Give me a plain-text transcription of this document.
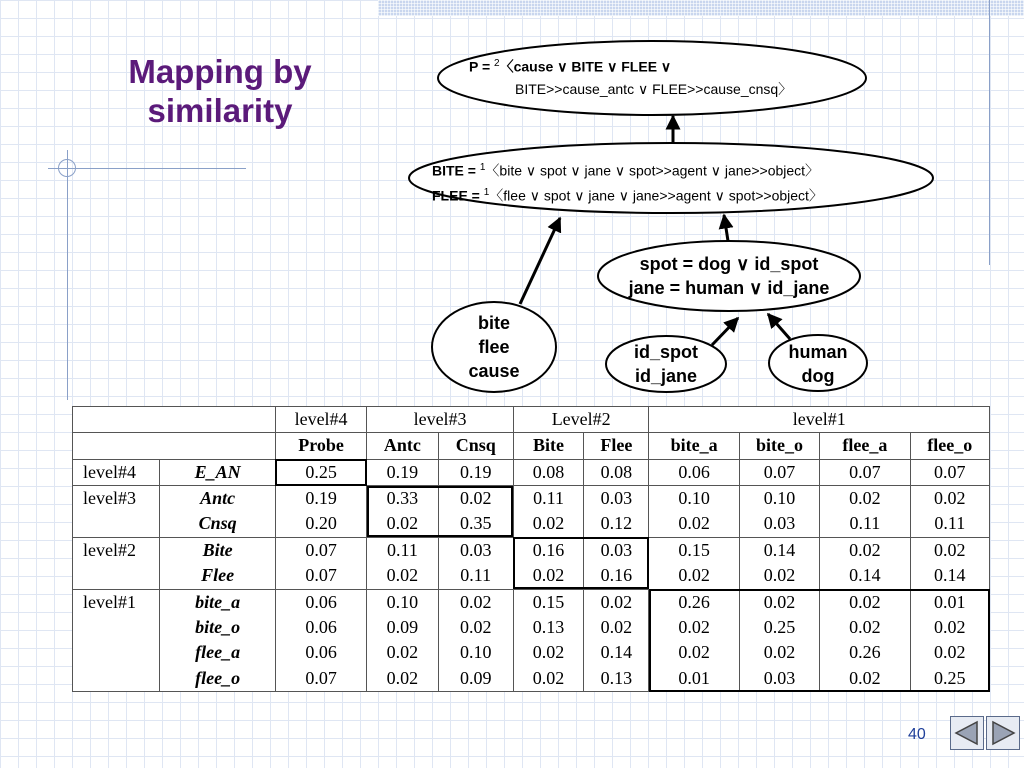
Mapping by
similarity
P = $^2$〈cause ∨ BITE ∨ FLEE ∨
BITE>>cause_antc ∨ FLEE>>cause_cnsq〉
BITE = $^1$〈bite ∨ spot ∨ jane ∨ spot>>agent ∨ jane>>object〉
FLEE = $^1$〈flee ∨ spot ∨ jane ∨ jane>>agent ∨ spot>>object〉
spot = dog ∨ id_spot
jane = human ∨ id_jane
bite
flee
cause
id_spot
id_jane
human
dog
		level#4	level#3		Level#2		level#1			
		Probe	Antc	Cnsq	Bite	Flee	bite_a	bite_o	flee_a	flee_o
level#4	E_AN	0.25	0.19	0.19	0.08	0.08	0.06	0.07	0.07	0.07
level#3	Antc	0.19	0.33	0.02	0.11	0.03	0.10	0.10	0.02	0.02
	Cnsq	0.20	0.02	0.35	0.02	0.12	0.02	0.03	0.11	0.11
level#2	Bite	0.07	0.11	0.03	0.16	0.03	0.15	0.14	0.02	0.02
	Flee	0.07	0.02	0.11	0.02	0.16	0.02	0.02	0.14	0.14
level#1	bite_a	0.06	0.10	0.02	0.15	0.02	0.26	0.02	0.02	0.01
	bite_o	0.06	0.09	0.02	0.13	0.02	0.02	0.25	0.02	0.02
	flee_a	0.06	0.02	0.10	0.02	0.14	0.02	0.02	0.26	0.02
	flee_o	0.07	0.02	0.09	0.02	0.13	0.01	0.03	0.02	0.25
40
